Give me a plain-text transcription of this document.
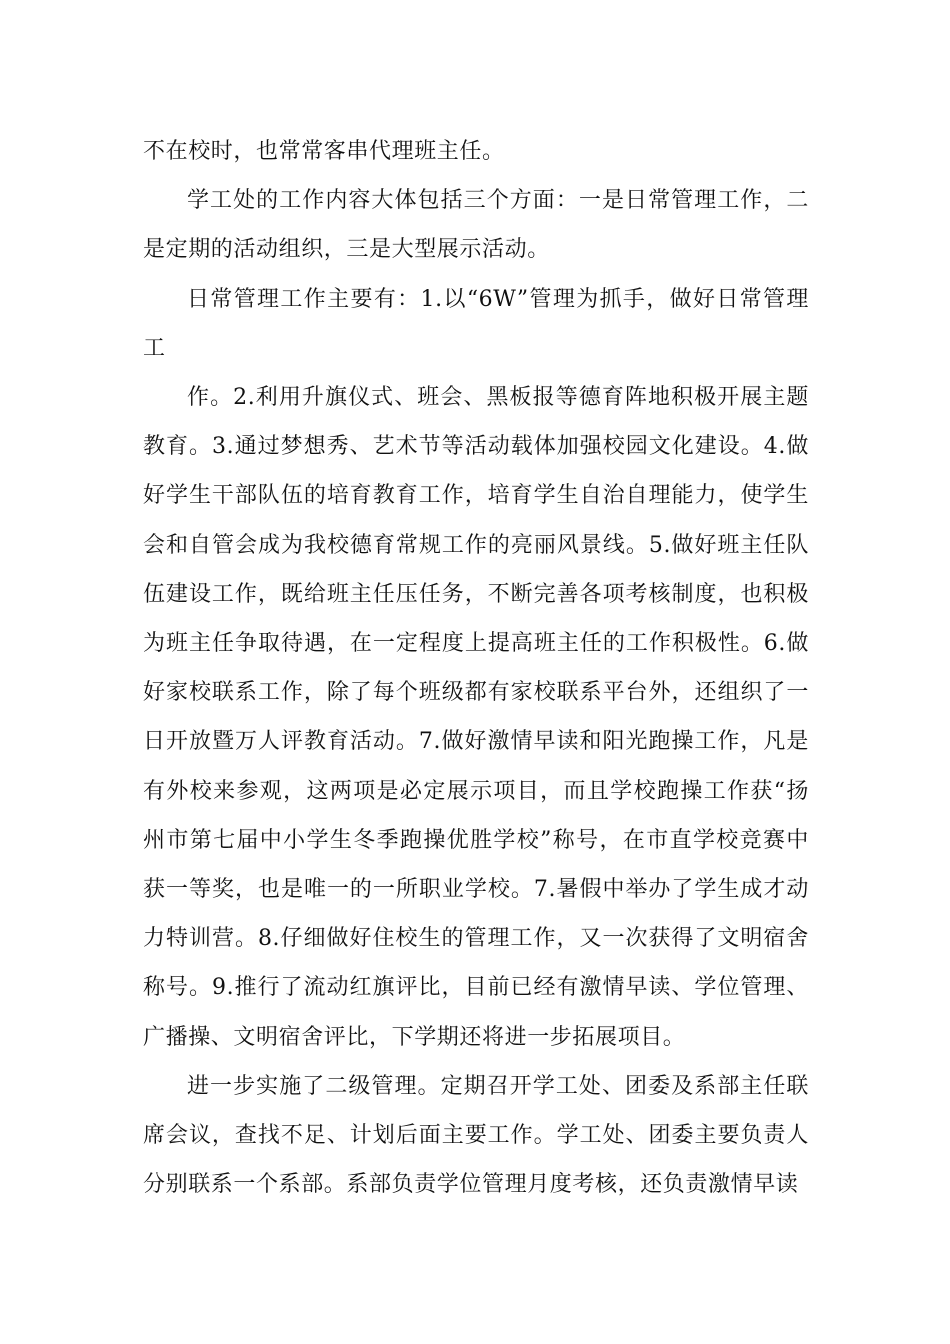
不在校时，也常常客串代理班主任。

学工处的工作内容大体包括三个方面：一是日常管理工作，二是定期的活动组织，三是大型展示活动。

日常管理工作主要有：1.以“6W”管理为抓手，做好日常管理工

作。2.利用升旗仪式、班会、黑板报等德育阵地积极开展主题教育。3.通过梦想秀、艺术节等活动载体加强校园文化建设。4.做好学生干部队伍的培育教育工作，培育学生自治自理能力，使学生会和自管会成为我校德育常规工作的亮丽风景线。5.做好班主任队伍建设工作，既给班主任压任务，不断完善各项考核制度，也积极为班主任争取待遇，在一定程度上提高班主任的工作积极性。6.做好家校联系工作，除了每个班级都有家校联系平台外，还组织了一日开放暨万人评教育活动。7.做好激情早读和阳光跑操工作，凡是有外校来参观，这两项是必定展示项目，而且学校跑操工作获“扬州市第七届中小学生冬季跑操优胜学校”称号，在市直学校竞赛中获一等奖，也是唯一的一所职业学校。7.暑假中举办了学生成才动力特训营。8.仔细做好住校生的管理工作，又一次获得了文明宿舍称号。9.推行了流动红旗评比，目前已经有激情早读、学位管理、广播操、文明宿舍评比，下学期还将进一步拓展项目。

进一步实施了二级管理。定期召开学工处、团委及系部主任联席会议，查找不足、计划后面主要工作。学工处、团委主要负责人分别联系一个系部。系部负责学位管理月度考核，还负责激情早读
